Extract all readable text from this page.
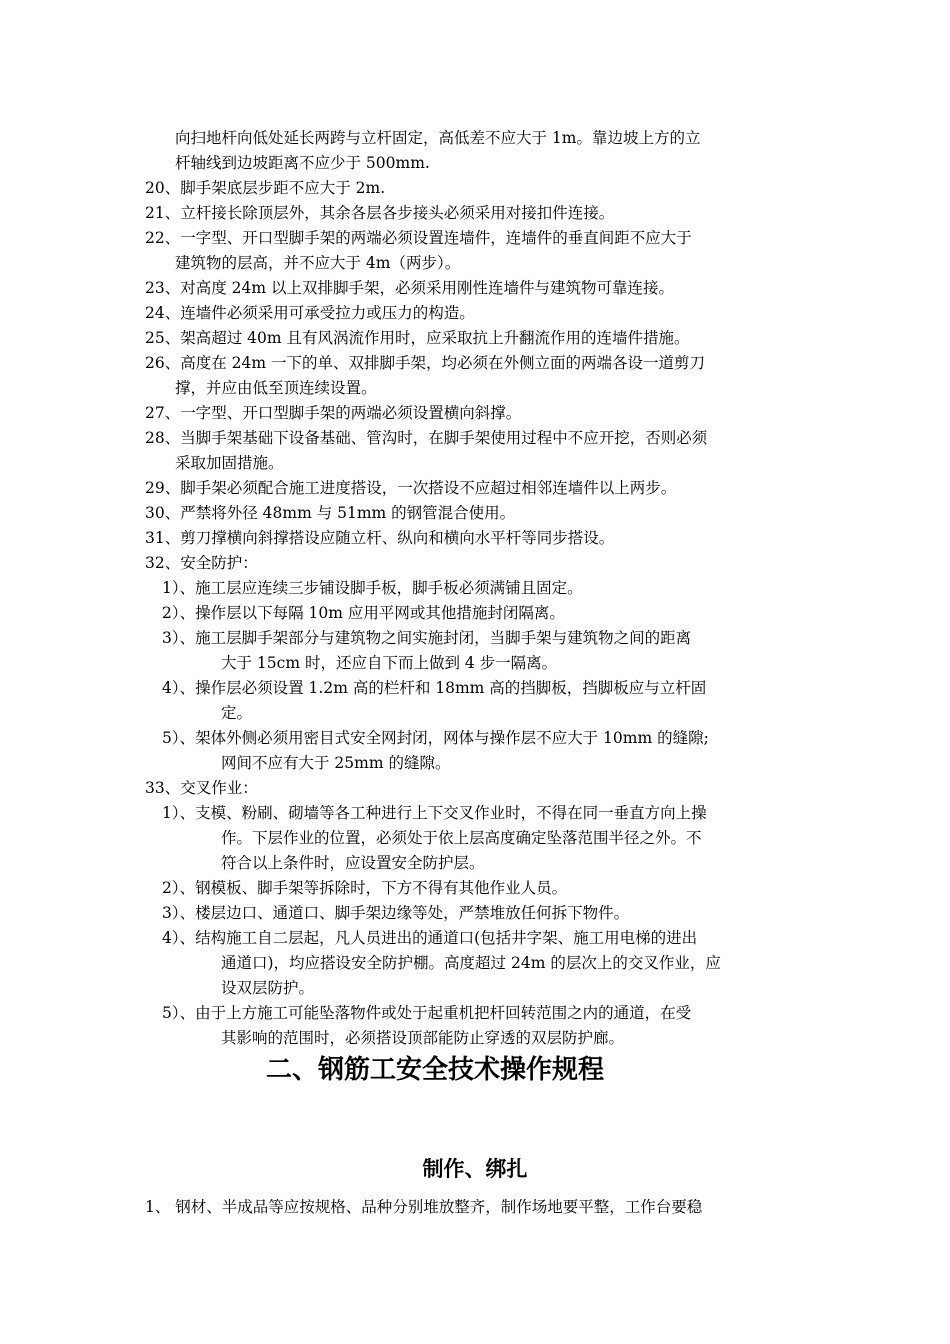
向扫地杆向低处延长两跨与立杆固定，高低差不应大于 1m。靠边坡上方的立
杆轴线到边坡距离不应少于 500mm.
20、脚手架底层步距不应大于 2m.
21、立杆接长除顶层外，其余各层各步接头必须采用对接扣件连接。
22、一字型、开口型脚手架的两端必须设置连墙件，连墙件的垂直间距不应大于
建筑物的层高，并不应大于 4m（两步）。
23、对高度 24m 以上双排脚手架，必须采用刚性连墙件与建筑物可靠连接。
24、连墙件必须采用可承受拉力或压力的构造。
25、架高超过 40m 且有风涡流作用时，应采取抗上升翻流作用的连墙件措施。
26、高度在 24m 一下的单、双排脚手架，均必须在外侧立面的两端各设一道剪刀
撑，并应由低至顶连续设置。
27、一字型、开口型脚手架的两端必须设置横向斜撑。
28、当脚手架基础下设备基础、管沟时，在脚手架使用过程中不应开挖，否则必须
采取加固措施。
29、脚手架必须配合施工进度搭设，一次搭设不应超过相邻连墙件以上两步。
30、严禁将外径 48mm 与 51mm 的钢管混合使用。
31、剪刀撑横向斜撑搭设应随立杆、纵向和横向水平杆等同步搭设。
32、安全防护：
1）、施工层应连续三步铺设脚手板，脚手板必须满铺且固定。
2）、操作层以下每隔 10m 应用平网或其他措施封闭隔离。
3）、施工层脚手架部分与建筑物之间实施封闭，当脚手架与建筑物之间的距离
大于 15cm 时，还应自下而上做到 4 步一隔离。
4）、操作层必须设置 1.2m 高的栏杆和 18mm 高的挡脚板，挡脚板应与立杆固
定。
5）、架体外侧必须用密目式安全网封闭，网体与操作层不应大于 10mm 的缝隙;
网间不应有大于 25mm 的缝隙。
33、交叉作业：
1）、支模、粉刷、砌墙等各工种进行上下交叉作业时，不得在同一垂直方向上操
作。下层作业的位置，必须处于依上层高度确定坠落范围半径之外。不
符合以上条件时，应设置安全防护层。
2）、钢模板、脚手架等拆除时，下方不得有其他作业人员。
3）、楼层边口、通道口、脚手架边缘等处，严禁堆放任何拆下物件。
4）、结构施工自二层起，凡人员进出的通道口(包括井字架、施工用电梯的进出
通道口)，均应搭设安全防护棚。高度超过 24m 的层次上的交叉作业，应
设双层防护。
5）、由于上方施工可能坠落物件或处于起重机把杆回转范围之内的通道，在受
其影响的范围时，必须搭设顶部能防止穿透的双层防护廊。
二、钢筋工安全技术操作规程
制作、绑扎
1、 钢材、半成品等应按规格、品种分别堆放整齐，制作场地要平整，工作台要稳
